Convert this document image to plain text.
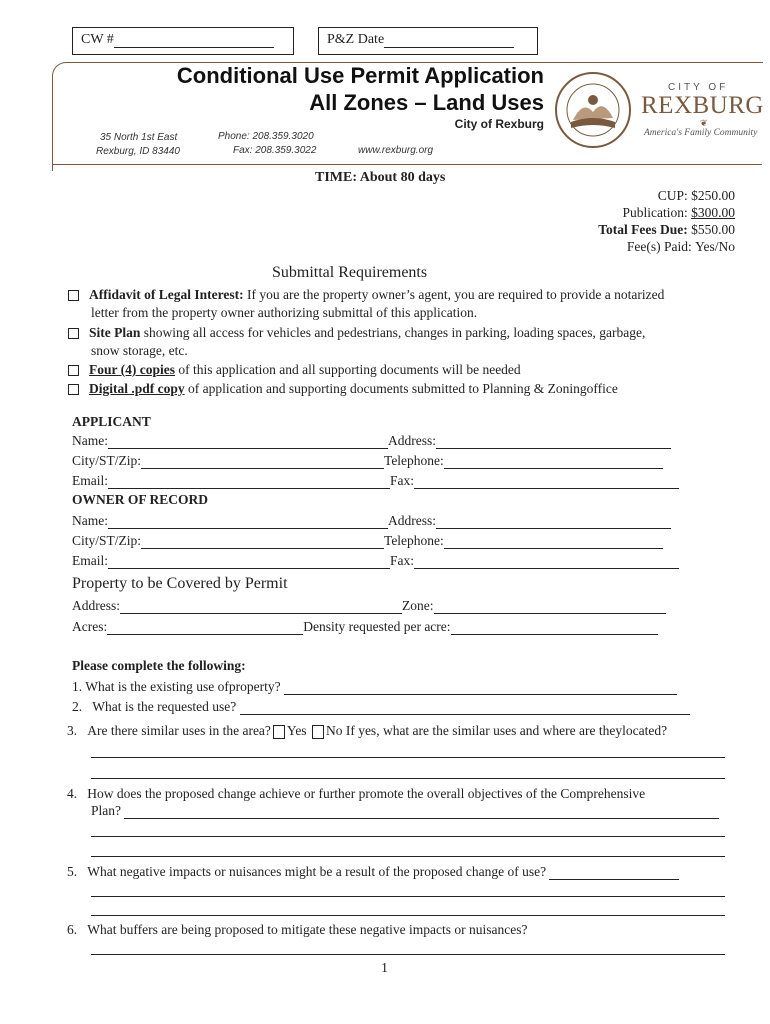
CW #	P&Z Date
Conditional Use Permit Application
All Zones – Land Uses
City of Rexburg
35 North 1st East
Rexburg, ID 83440
Phone: 208.359.3020
Fax: 208.359.3022	www.rexburg.org
CITY OF
REXBURG
❦
America's Family Community
TIME: About 80 days
CUP: $250.00
Publication: $300.00
Total Fees Due: $550.00
Fee(s) Paid: Yes/No
Submittal Requirements
Affidavit of Legal Interest: If you are the property owner’s agent, you are required to provide a notarized
letter from the property owner authorizing submittal of this application.
Site Plan showing all access for vehicles and pedestrians, changes in parking, loading spaces, garbage,
snow storage, etc.
Four (4) copies of this application and all supporting documents will be needed
Digital .pdf copy of application and supporting documents submitted to Planning & Zoningoffice
APPLICANT
Name:	Address:
City/ST/Zip:	Telephone:
Email:	Fax:
OWNER OF RECORD
Name:	Address:
City/ST/Zip:	Telephone:
Email:	Fax:
Property to be Covered by Permit
Address:	Zone:
Acres:	Density requested per acre:
Please complete the following:
1. What is the existing use ofproperty?
2. What is the requested use?
3. Are there similar uses in the area? Yes No If yes, what are the similar uses and where are theylocated?
4. How does the proposed change achieve or further promote the overall objectives of the Comprehensive
Plan?
5. What negative impacts or nuisances might be a result of the proposed change of use?
6. What buffers are being proposed to mitigate these negative impacts or nuisances?
1
